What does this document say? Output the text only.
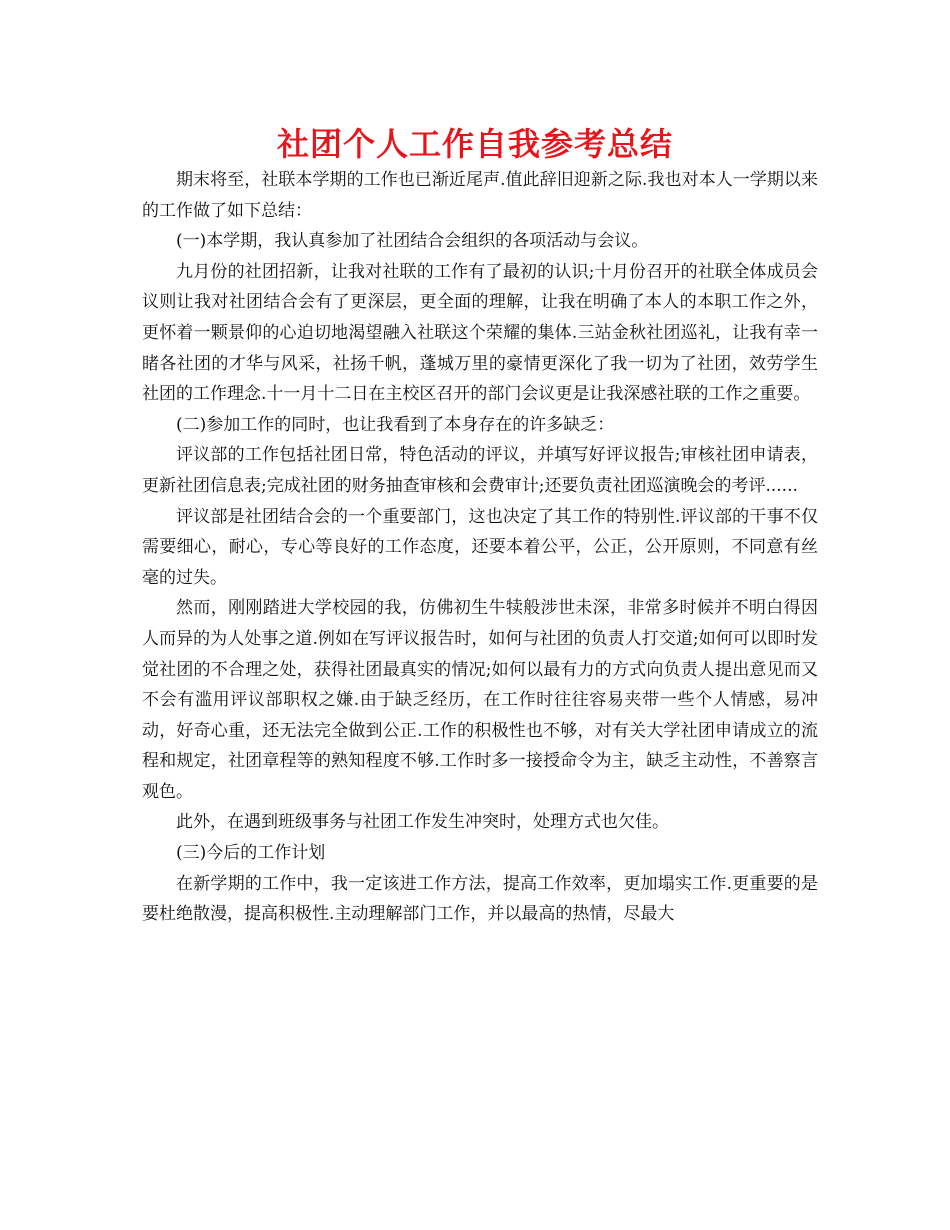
社团个人工作自我参考总结

期末将至，社联本学期的工作也已渐近尾声.值此辞旧迎新之际.我也对本人一学期以来的工作做了如下总结：

(一)本学期，我认真参加了社团结合会组织的各项活动与会议。

九月份的社团招新，让我对社联的工作有了最初的认识;十月份召开的社联全体成员会议则让我对社团结合会有了更深层，更全面的理解，让我在明确了本人的本职工作之外，更怀着一颗景仰的心迫切地渴望融入社联这个荣耀的集体.三站金秋社团巡礼，让我有幸一睹各社团的才华与风采，社扬千帆，蓬城万里的豪情更深化了我一切为了社团，效劳学生社团的工作理念.十一月十二日在主校区召开的部门会议更是让我深感社联的工作之重要。

(二)参加工作的同时，也让我看到了本身存在的许多缺乏：

评议部的工作包括社团日常，特色活动的评议，并填写好评议报告;审核社团申请表，更新社团信息表;完成社团的财务抽查审核和会费审计;还要负责社团巡演晚会的考评......

评议部是社团结合会的一个重要部门，这也决定了其工作的特别性.评议部的干事不仅需要细心，耐心，专心等良好的工作态度，还要本着公平，公正，公开原则，不同意有丝毫的过失。

然而，刚刚踏进大学校园的我，仿佛初生牛犊般涉世未深，非常多时候并不明白得因人而异的为人处事之道.例如在写评议报告时，如何与社团的负责人打交道;如何可以即时发觉社团的不合理之处，获得社团最真实的情况;如何以最有力的方式向负责人提出意见而又不会有滥用评议部职权之嫌.由于缺乏经历，在工作时往往容易夹带一些个人情感，易冲动，好奇心重，还无法完全做到公正.工作的积极性也不够，对有关大学社团申请成立的流程和规定，社团章程等的熟知程度不够.工作时多一接授命令为主，缺乏主动性，不善察言观色。

此外，在遇到班级事务与社团工作发生冲突时，处理方式也欠佳。

(三)今后的工作计划

在新学期的工作中，我一定该进工作方法，提高工作效率，更加塌实工作.更重要的是要杜绝散漫，提高积极性.主动理解部门工作，并以最高的热情，尽最大
